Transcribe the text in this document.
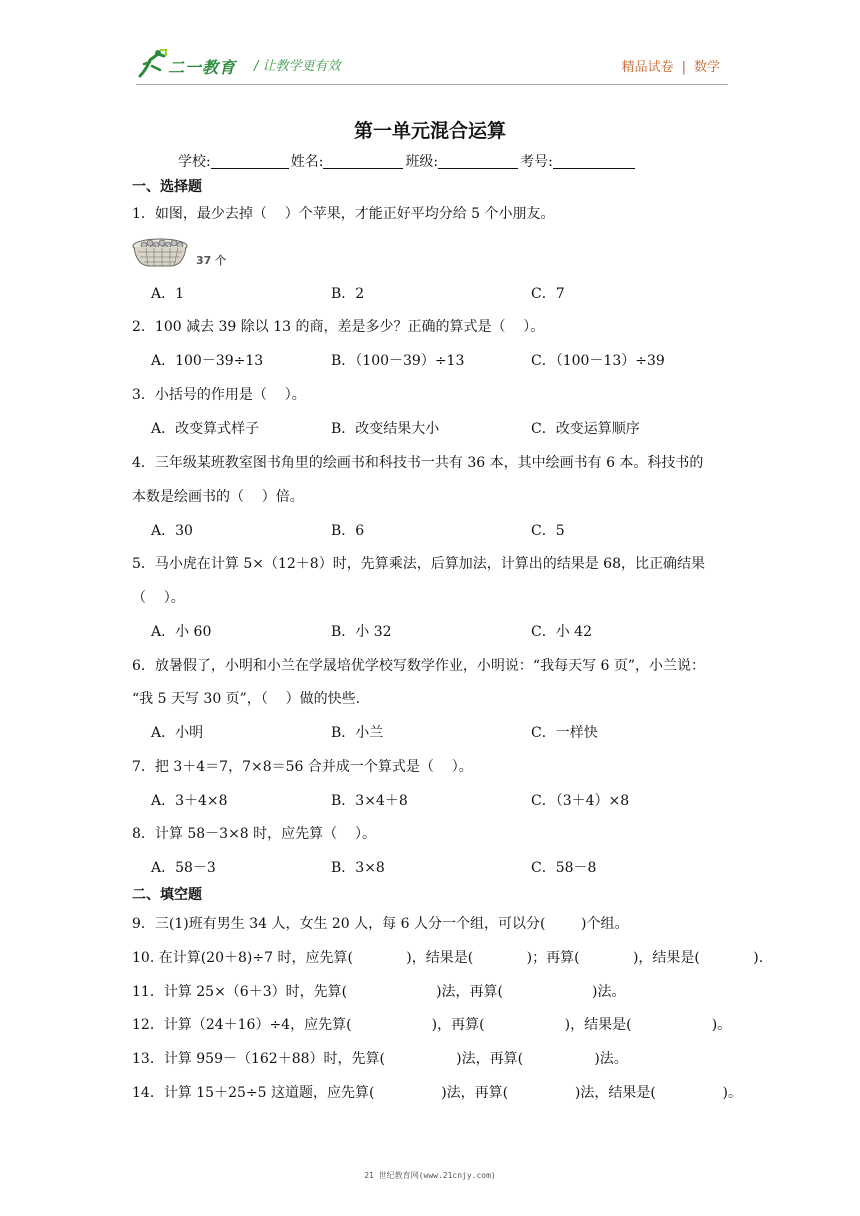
二一教育 / 让教学更有效	精品试卷 | 数学
第一单元混合运算
学校:	姓名:	班级:	考号:
一、选择题
1．如图，最少去掉（    ）个苹果，才能正好平均分给 5 个小朋友。
37 个
A．1	B．2	C．7
2．100 减去 39 除以 13 的商，差是多少？正确的算式是（    ）。
A．100－39÷13	B．（100－39）÷13	C．（100－13）÷39
3．小括号的作用是（    ）。
A．改变算式样子	B．改变结果大小	C．改变运算顺序
4．三年级某班教室图书角里的绘画书和科技书一共有 36 本，其中绘画书有 6 本。科技书的
本数是绘画书的（    ）倍。
A．30	B．6	C．5
5．马小虎在计算 5×（12＋8）时，先算乘法，后算加法，计算出的结果是 68，比正确结果
（    ）。
A．小 60	B．小 32	C．小 42
6．放暑假了，小明和小兰在学晟培优学校写数学作业，小明说：“我每天写 6 页”，小兰说：
“我 5 天写 30 页”，（    ）做的快些.
A．小明	B．小兰	C．一样快
7．把 3＋4＝7，7×8＝56 合并成一个算式是（    ）。
A．3＋4×8	B．3×4＋8	C．（3＋4）×8
8．计算 58－3×8 时，应先算（    ）。
A．58－3	B．3×8	C．58－8
二、填空题
9．三(1)班有男生 34 人，女生 20 人，每 6 人分一个组，可以分(        )个组。
10. 在计算(20＋8)÷7 时，应先算(            )，结果是(            )；再算(            )，结果是(            ).
11．计算 25×（6＋3）时，先算(                    )法，再算(                    )法。
12．计算（24＋16）÷4，应先算(                  )，再算(                  )，结果是(                  )。
13．计算 959－（162＋88）时，先算(                )法，再算(                )法。
14．计算 15＋25÷5 这道题，应先算(               )法，再算(               )法，结果是(               )。
21 世纪教育网(www.21cnjy.com)
